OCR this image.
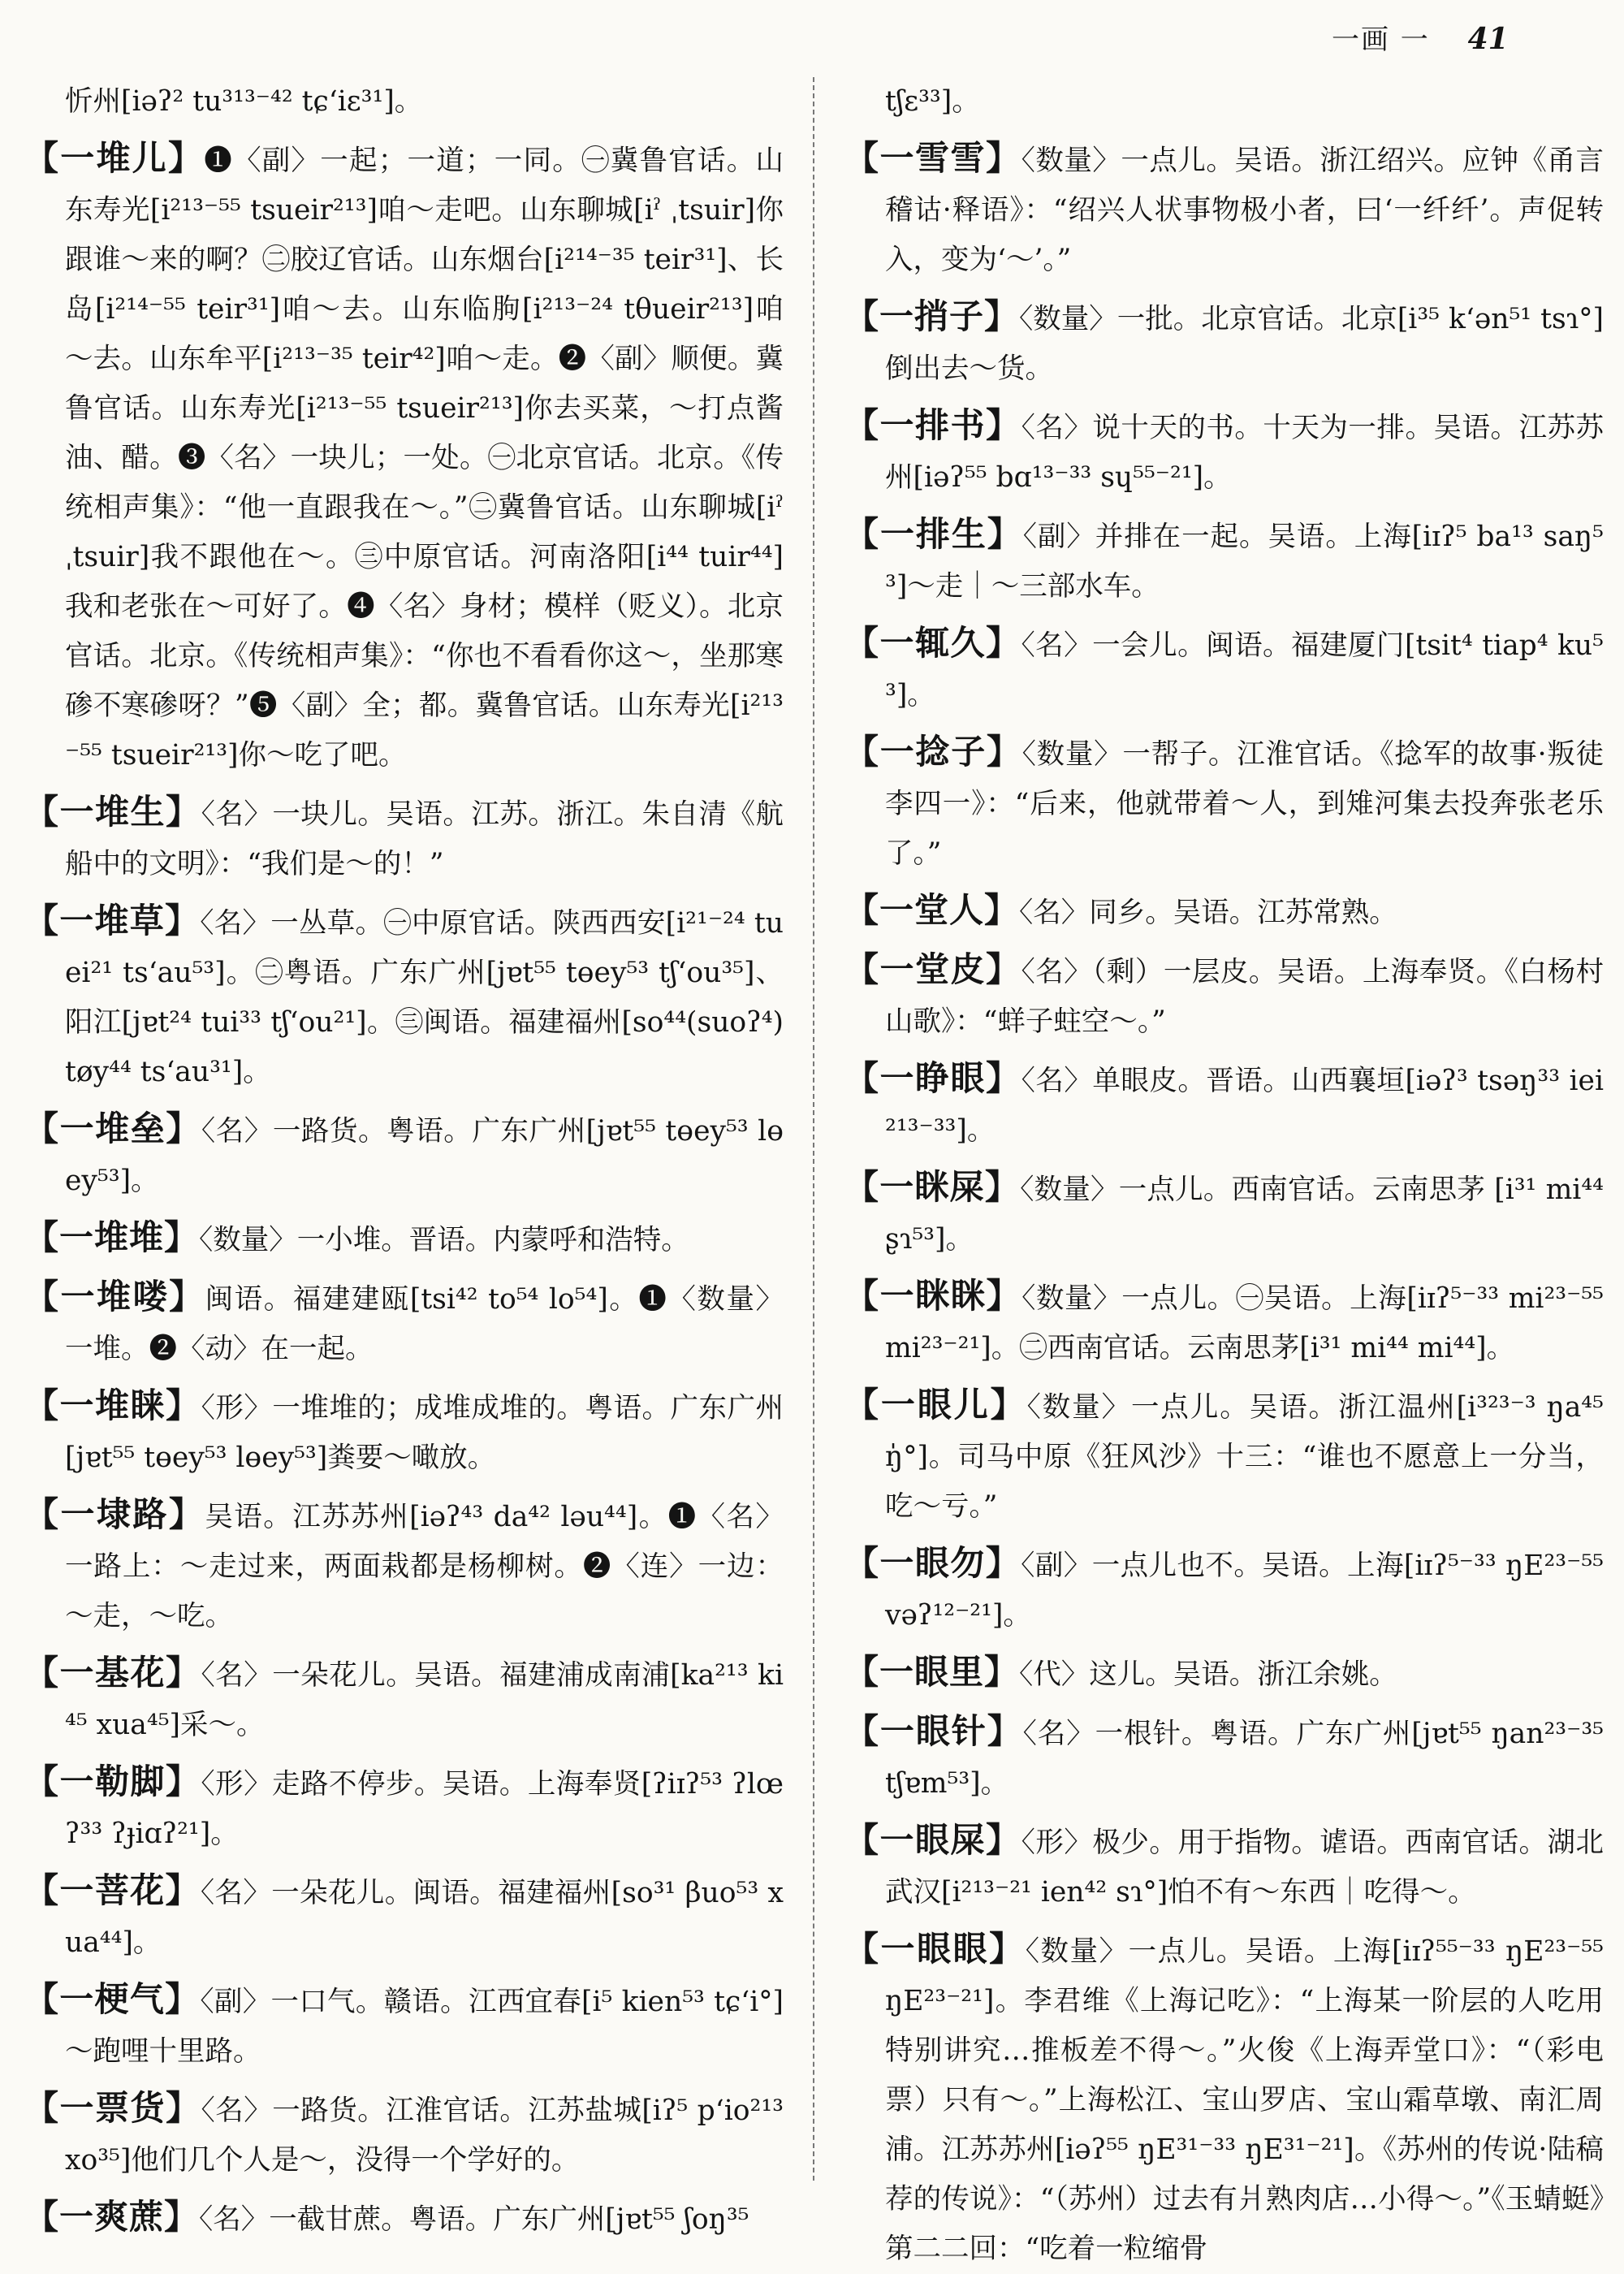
一画 一 41

忻州[iəʔ² tu³¹³⁻⁴² tɕʻiɛ³¹]。

【一堆儿】❶〈副〉一起；一道；一同。㊀冀鲁官话。山东寿光[i²¹³⁻⁵⁵ tsueir²¹³]咱～走吧。山东聊城[iˀ ˌtsuir]你跟谁～来的啊？㊁胶辽官话。山东烟台[i²¹⁴⁻³⁵ teir³¹]、长岛[i²¹⁴⁻⁵⁵ teir³¹]咱～去。山东临朐[i²¹³⁻²⁴ tθueir²¹³]咱～去。山东牟平[i²¹³⁻³⁵ teir⁴²]咱～走。❷〈副〉顺便。冀鲁官话。山东寿光[i²¹³⁻⁵⁵ tsueir²¹³]你去买菜，～打点酱油、醋。❸〈名〉一块儿；一处。㊀北京官话。北京。《传统相声集》：“他一直跟我在～。”㊁冀鲁官话。山东聊城[iˀ ˌtsuir]我不跟他在～。㊂中原官话。河南洛阳[i⁴⁴ tuir⁴⁴]我和老张在～可好了。❹〈名〉身材；模样（贬义）。北京官话。北京。《传统相声集》：“你也不看看你这～，坐那寒碜不寒碜呀？”❺〈副〉全；都。冀鲁官话。山东寿光[i²¹³⁻⁵⁵ tsueir²¹³]你～吃了吧。

【一堆生】〈名〉一块儿。吴语。江苏。浙江。朱自清《航船中的文明》：“我们是～的！”

【一堆草】〈名〉一丛草。㊀中原官话。陕西西安[i²¹⁻²⁴ tuei²¹ tsʻau⁵³]。㊁粤语。广东广州[jɐt⁵⁵ tɵey⁵³ tʃʻou³⁵]、阳江[jɐt²⁴ tui³³ tʃʻou²¹]。㊂闽语。福建福州[so⁴⁴(suoʔ⁴) tøy⁴⁴ tsʻau³¹]。

【一堆垒】〈名〉一路货。粤语。广东广州[jɐt⁵⁵ tɵey⁵³ lɵey⁵³]。

【一堆堆】〈数量〉一小堆。晋语。内蒙呼和浩特。

【一堆喽】闽语。福建建瓯[tsi⁴² to⁵⁴ lo⁵⁴]。❶〈数量〉一堆。❷〈动〉在一起。

【一堆睐】〈形〉一堆堆的；成堆成堆的。粤语。广东广州[jɐt⁵⁵ tɵey⁵³ lɵey⁵³]粪要～噉放。

【一埭路】吴语。江苏苏州[iəʔ⁴³ da⁴² ləu⁴⁴]。❶〈名〉一路上：～走过来，两面栽都是杨柳树。❷〈连〉一边：～走，～吃。

【一基花】〈名〉一朵花儿。吴语。福建浦成南浦[ka²¹³ ki⁴⁵ xua⁴⁵]采～。

【一勒脚】〈形〉走路不停步。吴语。上海奉贤[ʔiɪʔ⁵³ ʔlœʔ³³ ʔɟiɑʔ²¹]。

【一菩花】〈名〉一朵花儿。闽语。福建福州[so³¹ βuo⁵³ xua⁴⁴]。

【一梗气】〈副〉一口气。赣语。江西宜春[i⁵ kien⁵³ tɕʻi°]～跑哩十里路。

【一票货】〈名〉一路货。江淮官话。江苏盐城[iʔ⁵ pʻio²¹³ xo³⁵]他们几个人是～，没得一个学好的。

【一爽蔗】〈名〉一截甘蔗。粤语。广东广州[jɐt⁵⁵ ʃoŋ³⁵

tʃɛ³³]。

【一雪雪】〈数量〉一点儿。吴语。浙江绍兴。应钟《甬言稽诂·释语》：“绍兴人状事物极小者，曰‘一纤纤’。声促转入，变为‘～’。”

【一捎子】〈数量〉一批。北京官话。北京[i³⁵ kʻən⁵¹ tsɿ°]倒出去～货。

【一排书】〈名〉说十天的书。十天为一排。吴语。江苏苏州[iəʔ⁵⁵ bɑ¹³⁻³³ sɥ⁵⁵⁻²¹]。

【一排生】〈副〉并排在一起。吴语。上海[iɪʔ⁵ ba¹³ saŋ⁵³]～走｜～三部水车。

【一辄久】〈名〉一会儿。闽语。福建厦门[tsit⁴ tiap⁴ ku⁵³]。

【一捻子】〈数量〉一帮子。江淮官话。《捻军的故事·叛徒李四一》：“后来，他就带着～人，到雉河集去投奔张老乐了。”

【一堂人】〈名〉同乡。吴语。江苏常熟。

【一堂皮】〈名〉（剩）一层皮。吴语。上海奉贤。《白杨村山歌》：“蛘子蛀空～。”

【一睁眼】〈名〉单眼皮。晋语。山西襄垣[iəʔ³ tsəŋ³³ iei²¹³⁻³³]。

【一眯屎】〈数量〉一点儿。西南官话。云南思茅 [i³¹ mi⁴⁴ ʂɿ⁵³]。

【一眯眯】〈数量〉一点儿。㊀吴语。上海[iɪʔ⁵⁻³³ mi²³⁻⁵⁵ mi²³⁻²¹]。㊁西南官话。云南思茅[i³¹ mi⁴⁴ mi⁴⁴]。

【一眼儿】〈数量〉一点儿。吴语。浙江温州[i³²³⁻³ ŋa⁴⁵ ŋ̍°]。司马中原《狂风沙》十三：“谁也不愿意上一分当，吃～亏。”

【一眼勿】〈副〉一点儿也不。吴语。上海[iɪʔ⁵⁻³³ ŋE²³⁻⁵⁵ vəʔ¹²⁻²¹]。

【一眼里】〈代〉这儿。吴语。浙江余姚。

【一眼针】〈名〉一根针。粤语。广东广州[jɐt⁵⁵ ŋan²³⁻³⁵ tʃɐm⁵³]。

【一眼屎】〈形〉极少。用于指物。谑语。西南官话。湖北武汉[i²¹³⁻²¹ ien⁴² sɿ°]怕不有～东西｜吃得～。

【一眼眼】〈数量〉一点儿。吴语。上海[iɪʔ⁵⁵⁻³³ ŋE²³⁻⁵⁵ ŋE²³⁻²¹]。李君维《上海记吃》：“上海某一阶层的人吃用特别讲究…推板差不得～。”火俊《上海弄堂口》：“（彩电票）只有～。”上海松江、宝山罗店、宝山霜草墩、南汇周浦。江苏苏州[iəʔ⁵⁵ ŋE³¹⁻³³ ŋE³¹⁻²¹]。《苏州的传说·陆稿荐的传说》：“（苏州）过去有爿熟肉店…小得～。”《玉蜻蜓》第二二回：“吃着一粒缩骨
